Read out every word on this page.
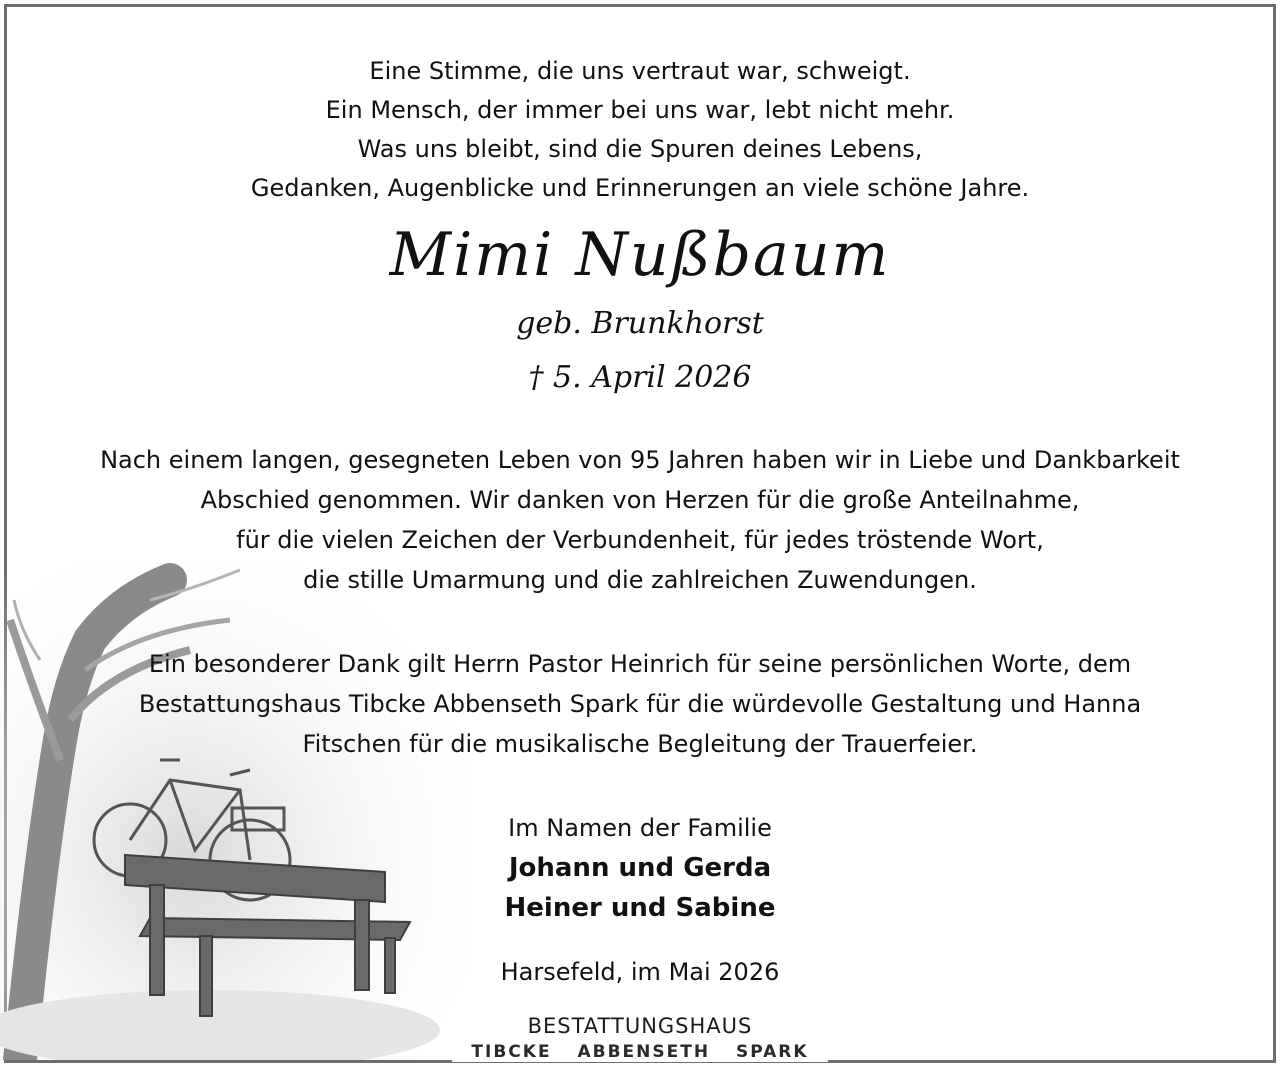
Eine Stimme, die uns vertraut war, schweigt.
Ein Mensch, der immer bei uns war, lebt nicht mehr.
Was uns bleibt, sind die Spuren deines Lebens,
Gedanken, Augenblicke und Erinnerungen an viele schöne Jahre.
Mimi Nußbaum
geb. Brunkhorst
† 5. April 2026
Nach einem langen, gesegneten Leben von 95 Jahren haben wir in Liebe und Dankbarkeit
Abschied genommen. Wir danken von Herzen für die große Anteilnahme,
für die vielen Zeichen der Verbundenheit, für jedes tröstende Wort,
die stille Umarmung und die zahlreichen Zuwendungen.
Ein besonderer Dank gilt Herrn Pastor Heinrich für seine persönlichen Worte, dem
Bestattungshaus Tibcke Abbenseth Spark für die würdevolle Gestaltung und Hanna
Fitschen für die musikalische Begleitung der Trauerfeier.
Im Namen der Familie
Johann und Gerda
Heiner und Sabine
Harsefeld, im Mai 2026
BESTATTUNGSHAUS
TIBCKE ABBENSETH SPARK
